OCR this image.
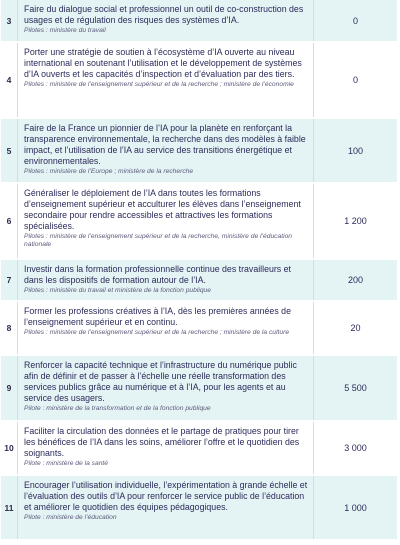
3
Faire du dialogue social et professionnel un outil de co-construction des usages et de régulation des risques des systèmes d’IA.
Pilotes : ministère du travail
0
4
Porter une stratégie de soutien à l’écosystème d’IA ouverte au niveau international en soutenant l’utilisation et le développement de systèmes d’IA ouverts et les capacités d’inspection et d’évaluation par des tiers.
Pilotes : ministère de l’enseignement supérieur et de la recherche ; ministère de l’économie	0
5
Faire de la France un pionnier de l’IA pour la planète en renforçant la transparence environnementale, la recherche dans des modèles à faible impact, et l’utilisation de l’IA au service des transitions énergétique et environnementales.
Pilotes : ministère de l’Europe ; ministère de la recherche
100
6
Généraliser le déploiement de l’IA dans toutes les formations d’enseignement supérieur et acculturer les élèves dans l’enseignement secondaire pour rendre accessibles et attractives les formations spécialisées.
Pilotes : ministère de l’enseignement supérieur et de la recherche, ministère de l’éducation nationale
1 200
7
Investir dans la formation professionnelle continue des travailleurs et dans les dispositifs de formation autour de l’IA.
Pilotes : ministère du travail et ministère de la fonction publique
200
8
Former les professions créatives à l’IA, dès les premières années de l’enseignement supérieur et en continu.
Pilotes : ministère de l’enseignement supérieur et de la recherche ; ministère de la culture	20
9
Renforcer la capacité technique et l’infrastructure du numérique public afin de définir et de passer à l’échelle une réelle transformation des services publics grâce au numérique et à l’IA, pour les agents et au service des usagers.
Pilote : ministère de la transformation et de la fonction publique
5 500
10
Faciliter la circulation des données et le partage de pratiques pour tirer les bénéfices de l’IA dans les soins, améliorer l’offre et le quotidien des soignants.
Pilote : ministère de la santé
3 000
11
Encourager l’utilisation individuelle, l’expérimentation à grande échelle et l’évaluation des outils d’IA pour renforcer le service public de l’éducation et améliorer le quotidien des équipes pédagogiques.
Pilote : ministère de l’éducation
1 000
